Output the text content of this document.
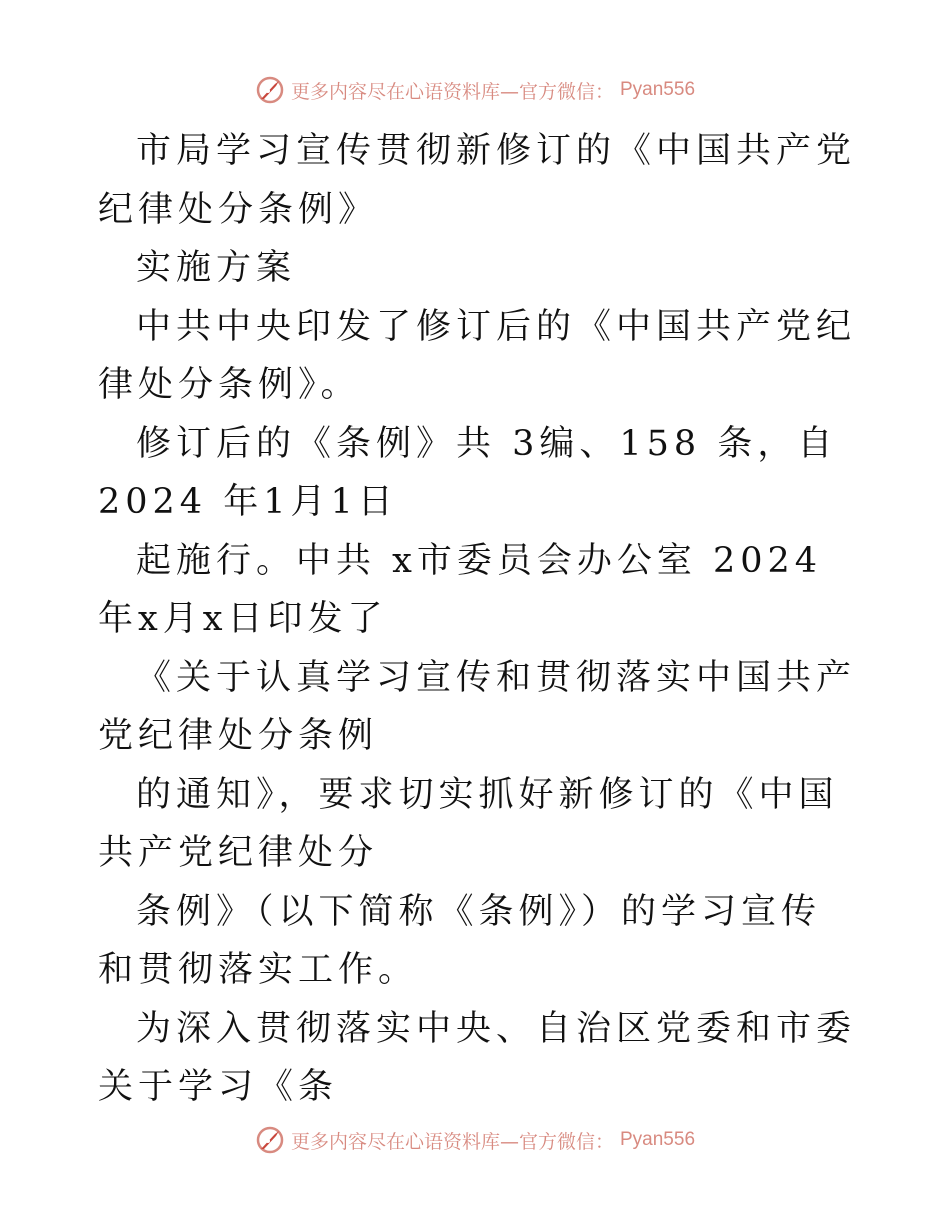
更多内容尽在心语资料库—官方微信： Pyan556

市局学习宣传贯彻新修订的《中国共产党纪律处分条例》

实施方案

中共中央印发了修订后的《中国共产党纪律处分条例》。

修订后的《条例》共 3编、158 条，自 2024 年1月1日

起施行。中共 x市委员会办公室 2024 年x月x日印发了

《关于认真学习宣传和贯彻落实中国共产党纪律处分条例

的通知》，要求切实抓好新修订的《中国共产党纪律处分

条例》（以下简称《条例》）的学习宣传和贯彻落实工作。

为深入贯彻落实中央、自治区党委和市委关于学习《条

更多内容尽在心语资料库—官方微信： Pyan556
